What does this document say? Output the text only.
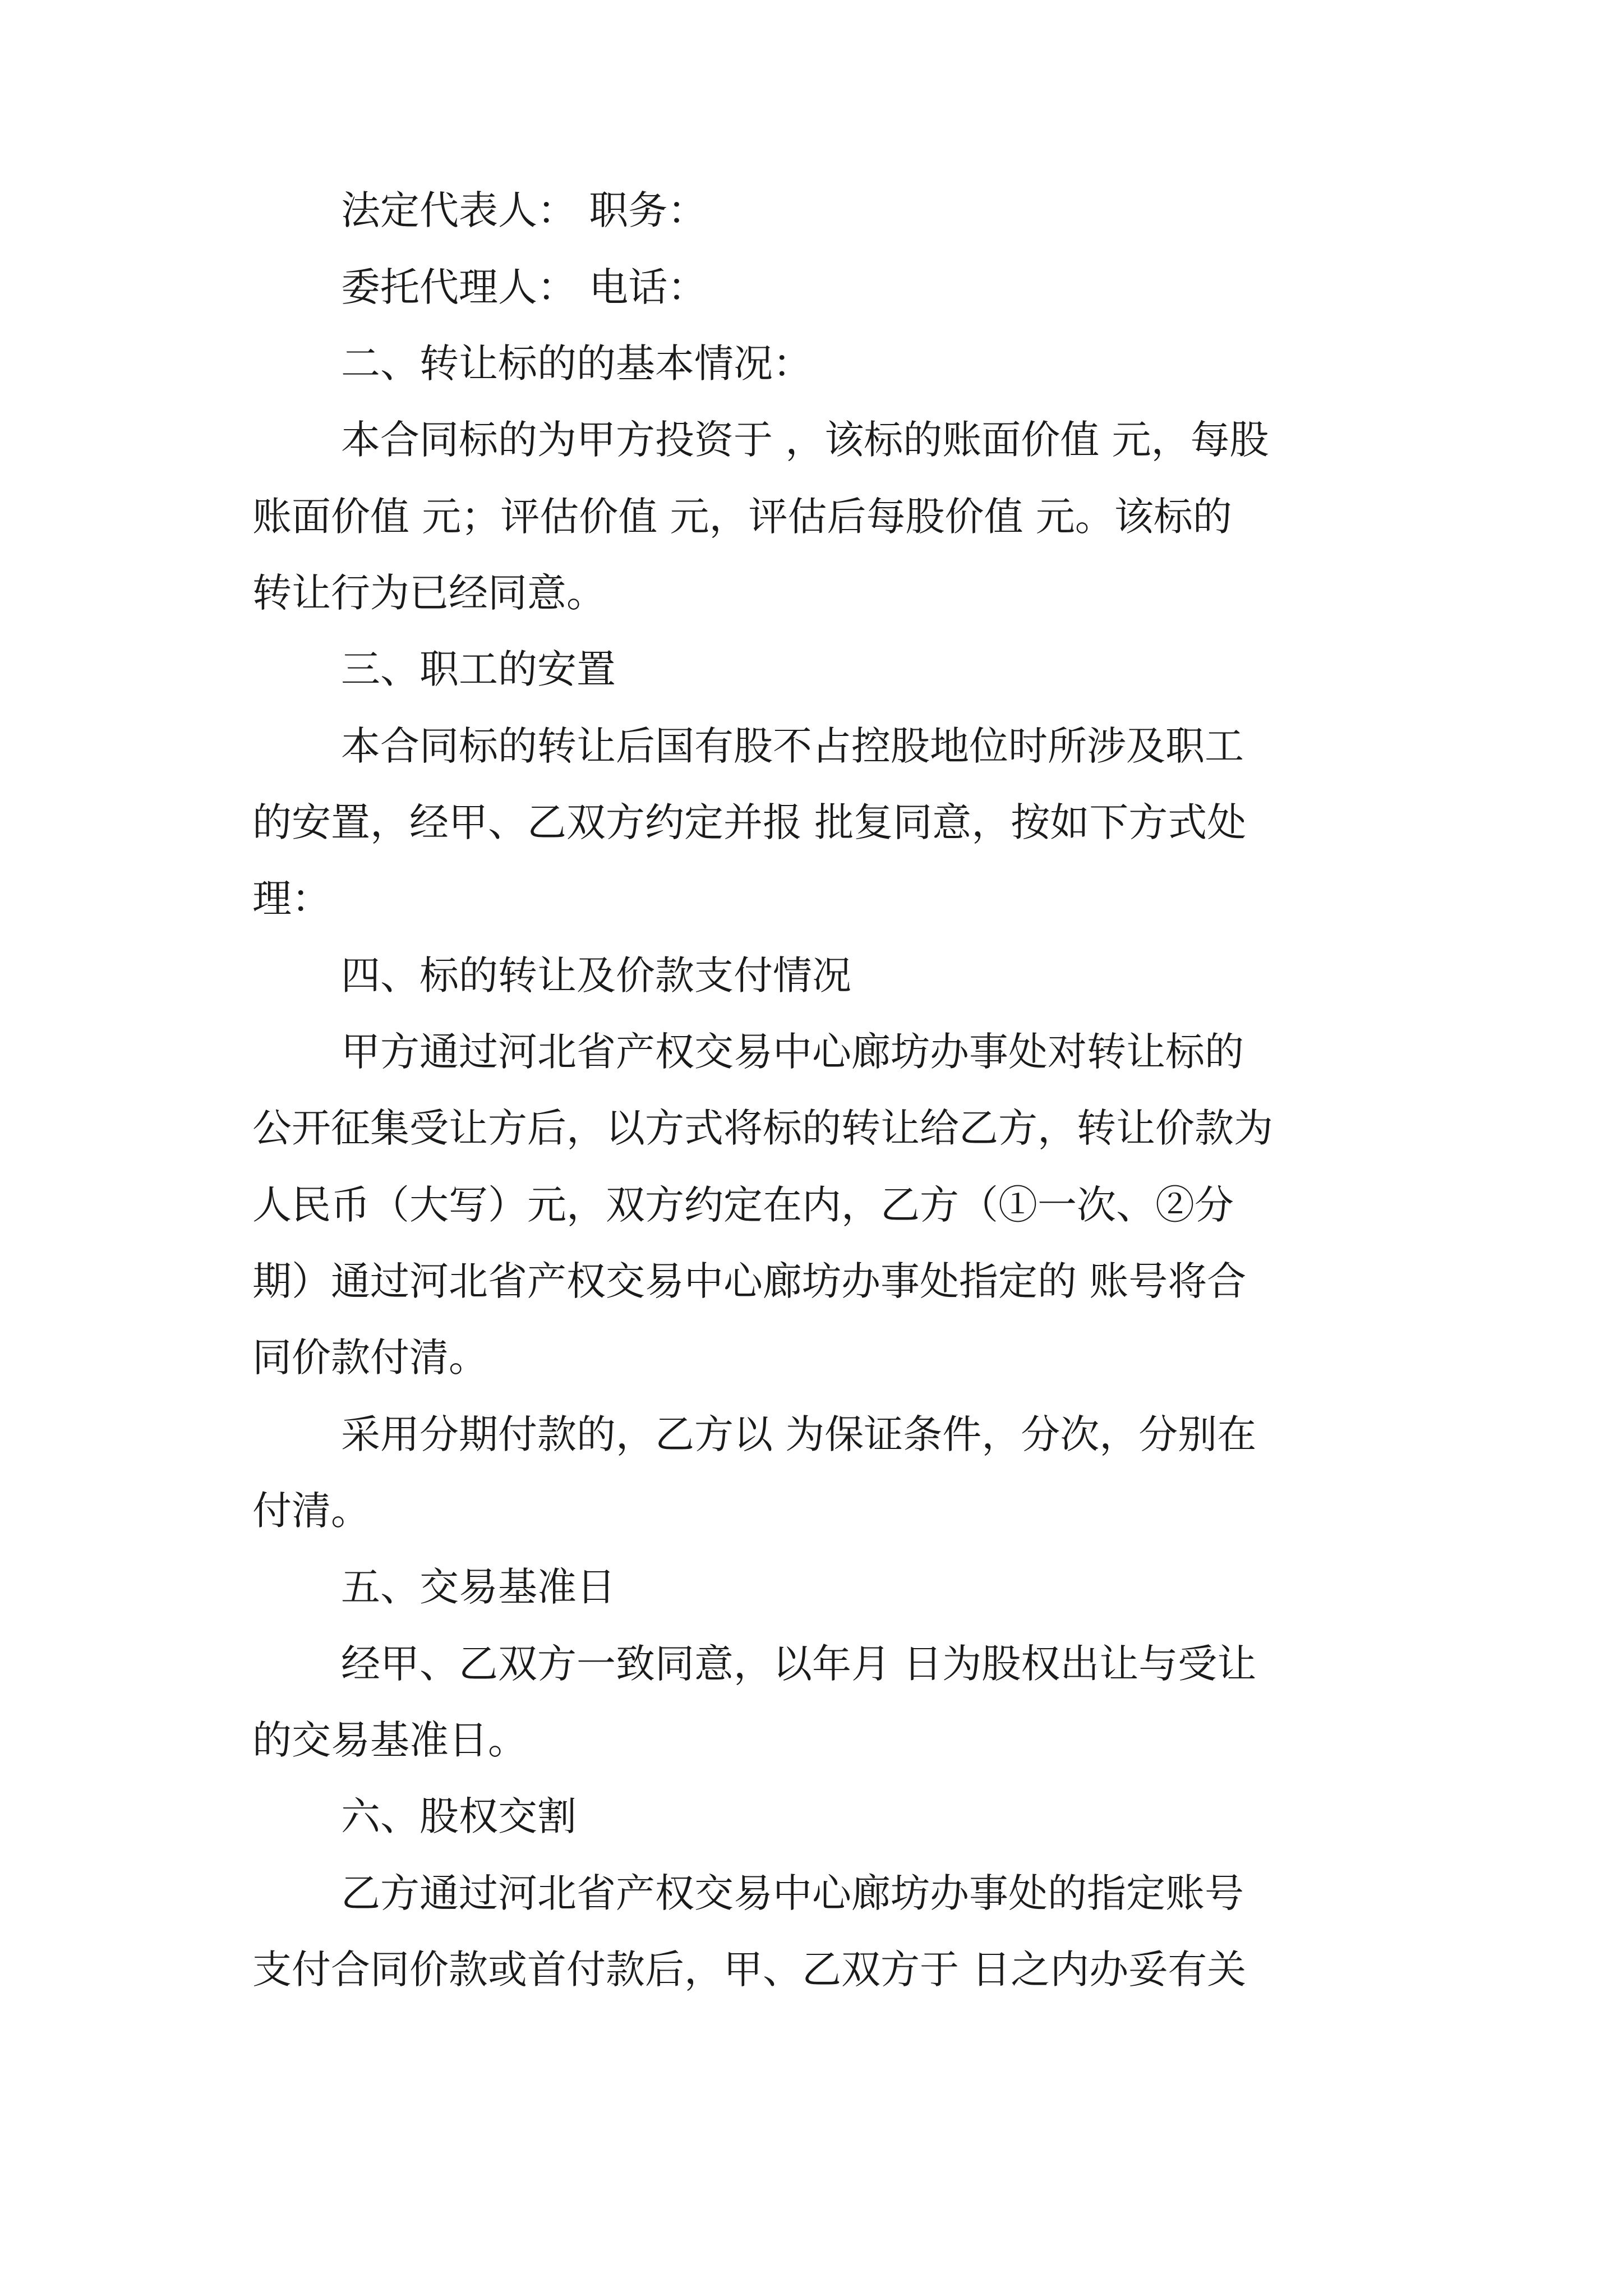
法定代表人： 职务：

委托代理人： 电话：

二、转让标的的基本情况：

本合同标的为甲方投资于 ，该标的账面价值 元，每股

账面价值 元；评估价值 元，评估后每股价值 元。该标的

转让行为已经同意。

三、职工的安置

本合同标的转让后国有股不占控股地位时所涉及职工

的安置，经甲、乙双方约定并报 批复同意，按如下方式处

理：

四、标的转让及价款支付情况

甲方通过河北省产权交易中心廊坊办事处对转让标的

公开征集受让方后，以方式将标的转让给乙方，转让价款为

人民币（大写）元，双方约定在内，乙方（①一次、②分

期）通过河北省产权交易中心廊坊办事处指定的 账号将合

同价款付清。

采用分期付款的，乙方以 为保证条件，分次，分别在

付清。

五、交易基准日

经甲、乙双方一致同意，以年月 日为股权出让与受让

的交易基准日。

六、股权交割

乙方通过河北省产权交易中心廊坊办事处的指定账号

支付合同价款或首付款后，甲、乙双方于 日之内办妥有关
